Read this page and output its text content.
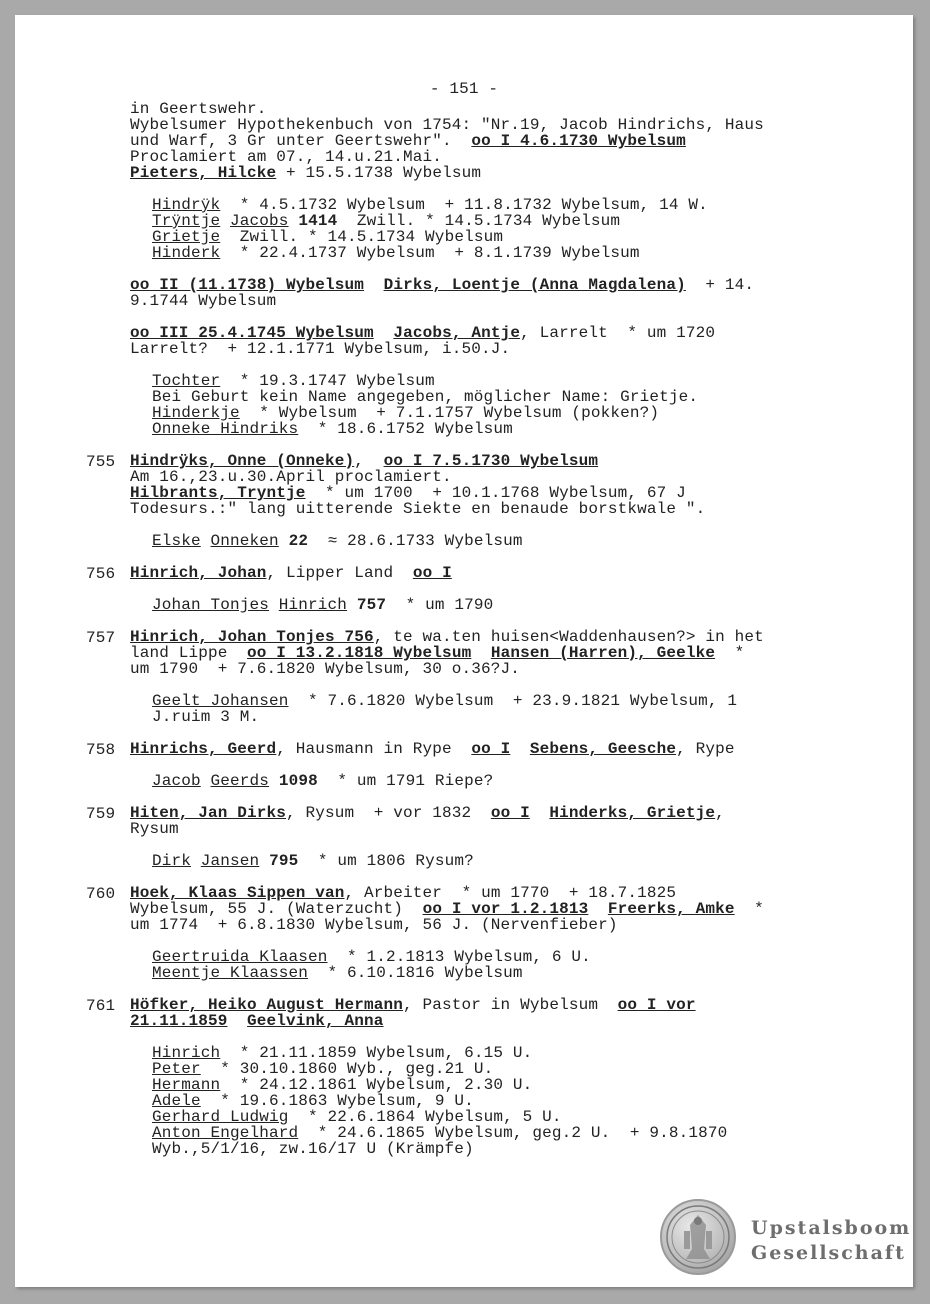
- 151 -
in Geertswehr.
Wybelsumer Hypothekenbuch von 1754: "Nr.19, Jacob Hindrichs, Haus
und Warf, 3 Gr unter Geertswehr". oo I 4.6.1730 Wybelsum
Proclamiert am 07., 14.u.21.Mai.
Pieters, Hilcke + 15.5.1738 Wybelsum
Hindrÿk * 4.5.1732 Wybelsum  + 11.8.1732 Wybelsum, 14 W.
Trÿntje Jacobs 1414 Zwill. * 14.5.1734 Wybelsum
Grietje Zwill. * 14.5.1734 Wybelsum
Hinderk * 22.4.1737 Wybelsum  + 8.1.1739 Wybelsum
oo II (11.1738) Wybelsum Dirks, Loentje (Anna Magdalena) + 14.
9.1744 Wybelsum
oo III 25.4.1745 Wybelsum Jacobs, Antje, Larrelt  * um 1720
Larrelt?  + 12.1.1771 Wybelsum, i.50.J.
Tochter * 19.3.1747 Wybelsum
Bei Geburt kein Name angegeben, möglicher Name: Grietje.
Hinderkje * Wybelsum  + 7.1.1757 Wybelsum (pokken?)
Onneke Hindriks * 18.6.1752 Wybelsum
755 Hindrÿks, Onne (Onneke),  oo I 7.5.1730 Wybelsum
Am 16.,23.u.30.April proclamiert.
Hilbrants, Tryntje * um 1700  + 10.1.1768 Wybelsum, 67 J
Todesurs.:" lang uitterende Siekte en benaude borstkwale ".
Elske Onneken 22 ≈ 28.6.1733 Wybelsum
756 Hinrich, Johan, Lipper Land oo I
Johan Tonjes Hinrich 757 * um 1790
757 Hinrich, Johan Tonjes 756, te wa.ten huisen<Waddenhausen?> in het
land Lippe oo I 13.2.1818 Wybelsum Hansen (Harren), Geelke *
um 1790  + 7.6.1820 Wybelsum, 30 o.36?J.
Geelt Johansen * 7.6.1820 Wybelsum  + 23.9.1821 Wybelsum, 1
J.ruim 3 M.
758 Hinrichs, Geerd, Hausmann in Rype oo I Sebens, Geesche, Rype
Jacob Geerds 1098 * um 1791 Riepe?
759 Hiten, Jan Dirks, Rysum  + vor 1832 oo I Hinderks, Grietje,
Rysum
Dirk Jansen 795 * um 1806 Rysum?
760 Hoek, Klaas Sippen van, Arbeiter  * um 1770  + 18.7.1825
Wybelsum, 55 J. (Waterzucht) oo I vor 1.2.1813 Freerks, Amke *
um 1774  + 6.8.1830 Wybelsum, 56 J. (Nervenfieber)
Geertruida Klaasen * 1.2.1813 Wybelsum, 6 U.
Meentje Klaassen * 6.10.1816 Wybelsum
761 Höfker, Heiko August Hermann, Pastor in Wybelsum oo I vor
21.11.1859 Geelvink, Anna
Hinrich * 21.11.1859 Wybelsum, 6.15 U.
Peter * 30.10.1860 Wyb., geg.21 U.
Hermann * 24.12.1861 Wybelsum, 2.30 U.
Adele * 19.6.1863 Wybelsum, 9 U.
Gerhard Ludwig * 22.6.1864 Wybelsum, 5 U.
Anton Engelhard * 24.6.1865 Wybelsum, geg.2 U.  + 9.8.1870
Wyb.,5/1/16, zw.16/17 U (Krämpfe)
Upstalsboom
Gesellschaft
